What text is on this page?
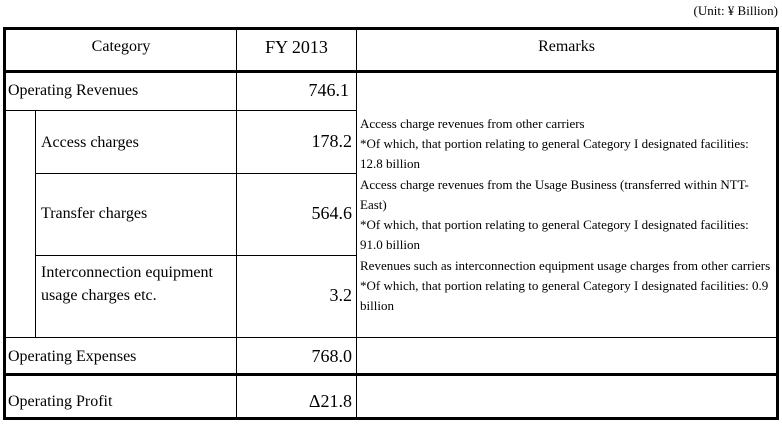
(Unit: ¥ Billion)
Category	FY 2013	Remarks
Operating Revenues	746.1
Access charges	178.2
Access charge revenues from other carriers
*Of which, that portion relating to general Category I designated facilities: 12.8 billion
Transfer charges	564.6
Access charge revenues from the Usage Business (transferred within NTT-East)
*Of which, that portion relating to general Category I designated facilities: 91.0 billion
Interconnection equipment usage charges etc.	3.2
Revenues such as interconnection equipment usage charges from other carriers
*Of which, that portion relating to general Category I designated facilities: 0.9 billion
Operating Expenses	768.0
Operating Profit	Δ21.8
